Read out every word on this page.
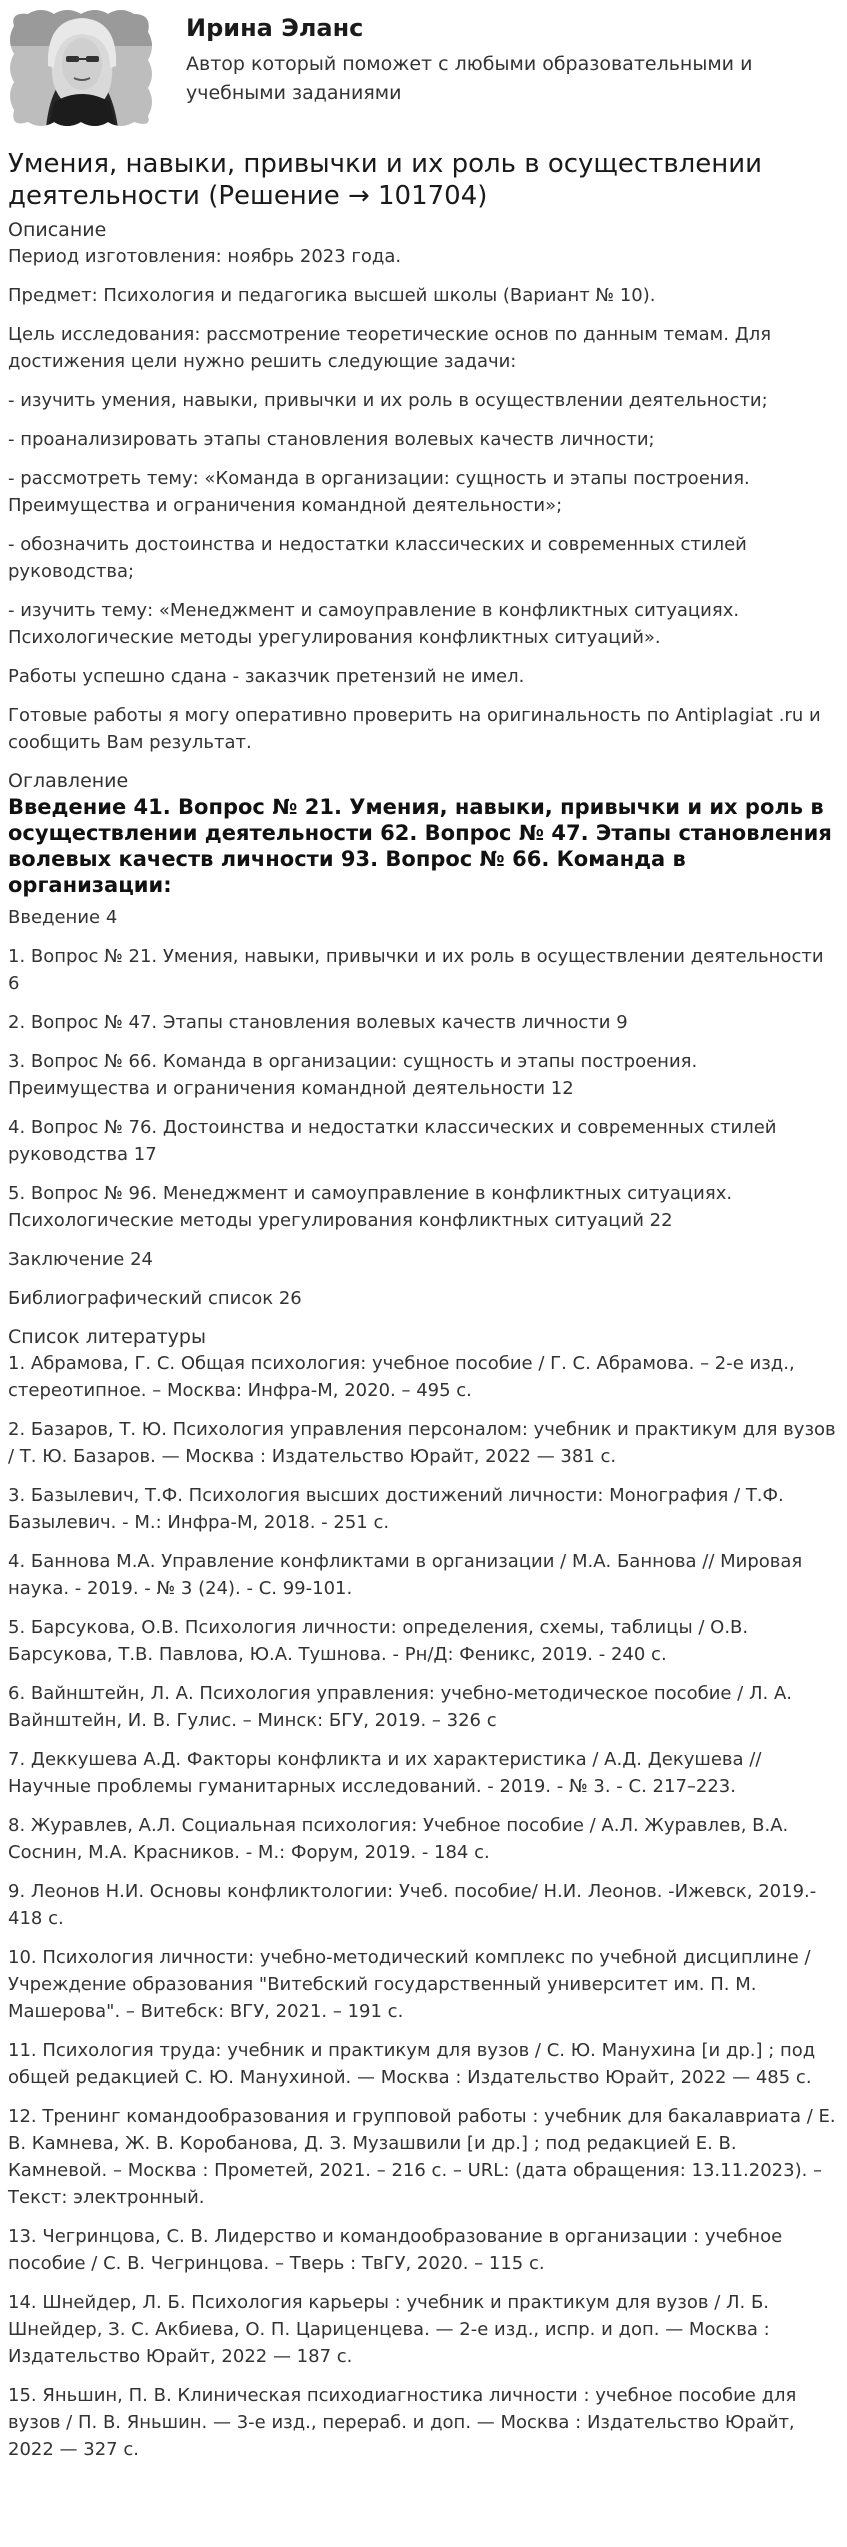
Ирина Эланс
Автор который поможет с любыми образовательными и учебными заданиями
Умения, навыки, привычки и их роль в осуществлении деятельности (Решение → 101704)
Описание

Период изготовления: ноябрь 2023 года.

Предмет: Психология и педагогика высшей школы (Вариант № 10).

Цель исследования: рассмотрение теоретические основ по данным темам. Для достижения цели нужно решить следующие задачи:

- изучить умения, навыки, привычки и их роль в осуществлении деятельности;

- проанализировать этапы становления волевых качеств личности;

- рассмотреть тему: «Команда в организации: сущность и этапы построения. Преимущества и ограничения командной деятельности»;

- обозначить достоинства и недостатки классических и современных стилей руководства;

- изучить тему: «Менеджмент и самоуправление в конфликтных ситуациях. Психологические методы урегулирования конфликтных ситуаций».

Работы успешно сдана - заказчик претензий не имел.

Готовые работы я могу оперативно проверить на оригинальность по Antiplagiat .ru и сообщить Вам результат.

Оглавление
Введение 41. Вопрос № 21. Умения, навыки, привычки и их роль в осуществлении деятельности 62. Вопрос № 47. Этапы становления волевых качеств личности 93. Вопрос № 66. Команда в организации:

Введение 4

1. Вопрос № 21. Умения, навыки, привычки и их роль в осуществлении деятельности 6

2. Вопрос № 47. Этапы становления волевых качеств личности 9

3. Вопрос № 66. Команда в организации: сущность и этапы построения. Преимущества и ограничения командной деятельности 12

4. Вопрос № 76. Достоинства и недостатки классических и современных стилей руководства 17

5. Вопрос № 96. Менеджмент и самоуправление в конфликтных ситуациях. Психологические методы урегулирования конфликтных ситуаций 22

Заключение 24

Библиографический список 26

Список литературы

1. Абрамова, Г. С. Общая психология: учебное пособие / Г. С. Абрамова. – 2-е изд., стереотипное. – Москва: Инфра-М, 2020. – 495 с.

2. Базаров, Т. Ю. Психология управления персоналом: учебник и практикум для вузов / Т. Ю. Базаров. — Москва : Издательство Юрайт, 2022 — 381 с.

3. Базылевич, Т.Ф. Психология высших достижений личности: Монография / Т.Ф. Базылевич. - М.: Инфра-М, 2018. - 251 с.

4. Баннова М.А. Управление конфликтами в организации / М.А. Баннова // Мировая наука. - 2019. - № 3 (24). - С. 99-101.

5. Барсукова, О.В. Психология личности: определения, схемы, таблицы / О.В. Барсукова, Т.В. Павлова, Ю.А. Тушнова. - Рн/Д: Феникс, 2019. - 240 с.

6. Вайнштейн, Л. А. Психология управления: учебно-методическое пособие / Л. А. Вайнштейн, И. В. Гулис. – Минск: БГУ, 2019. – 326 с

7. Деккушева А.Д. Факторы конфликта и их характеристика / А.Д. Декушева // Научные проблемы гуманитарных исследований. - 2019. - № 3. - С. 217–223.

8. Журавлев, А.Л. Социальная психология: Учебное пособие / А.Л. Журавлев, В.А. Соснин, М.А. Красников. - М.: Форум, 2019. - 184 с.

9. Леонов Н.И. Основы конфликтологии: Учеб. пособие/ Н.И. Леонов. -Ижевск, 2019.- 418 с.

10. Психология личности: учебно-методический комплекс по учебной дисциплине / Учреждение образования "Витебский государственный университет им. П. М. Машерова". – Витебск: ВГУ, 2021. – 191 с.

11. Психология труда: учебник и практикум для вузов / С. Ю. Манухина [и др.] ; под общей редакцией С. Ю. Манухиной. — Москва : Издательство Юрайт, 2022 — 485 с.

12. Тренинг командообразования и групповой работы : учебник для бакалавриата / Е. В. Камнева, Ж. В. Коробанова, Д. З. Музашвили [и др.] ; под редакцией Е. В. Камневой. – Москва : Прометей, 2021. – 216 с. – URL: (дата обращения: 13.11.2023). – Текст: электронный.

13. Чегринцова, С. В. Лидерство и командообразование в организации : учебное пособие / С. В. Чегринцова. – Тверь : ТвГУ, 2020. – 115 с.

14. Шнейдер, Л. Б. Психология карьеры : учебник и практикум для вузов / Л. Б. Шнейдер, З. С. Акбиева, О. П. Цариценцева. — 2-е изд., испр. и доп. — Москва : Издательство Юрайт, 2022 — 187 с.

15. Яньшин, П. В. Клиническая психодиагностика личности : учебное пособие для вузов / П. В. Яньшин. — 3-е изд., перераб. и доп. — Москва : Издательство Юрайт, 2022 — 327 с.
